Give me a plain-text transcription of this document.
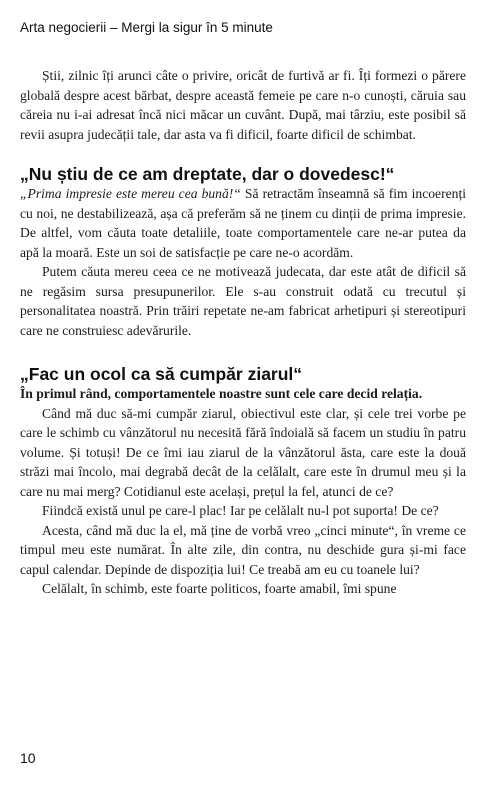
Arta negocierii – Mergi la sigur în 5 minute

Știi, zilnic îți arunci câte o privire, oricât de furtivă ar fi. Îți formezi o părere globală despre acest bărbat, despre această femeie pe care n-o cunoști, căruia sau căreia nu i-ai adresat încă nici măcar un cuvânt. După, mai târziu, este posibil să revii asupra judecății tale, dar asta va fi dificil, foarte dificil de schimbat.

„Nu știu de ce am dreptate, dar o dovedesc!“

„Prima impresie este mereu cea bună!“ Să retractăm înseamnă să fim incoerenți cu noi, ne destabilizează, așa că preferăm să ne ținem cu dinții de prima impresie. De altfel, vom căuta toate detaliile, toate comportamentele care ne-ar putea da apă la moară. Este un soi de satisfacție pe care ne-o acordăm.

Putem căuta mereu ceea ce ne motivează judecata, dar este atât de dificil să ne regăsim sursa presupunerilor. Ele s-au construit odată cu trecutul și personalitatea noastră. Prin trăiri repetate ne-am fabricat arhetipuri și stereotipuri care ne construiesc adevărurile.

„Fac un ocol ca să cumpăr ziarul“

În primul rând, comportamentele noastre sunt cele care decid relația.

Când mă duc să-mi cumpăr ziarul, obiectivul este clar, și cele trei vorbe pe care le schimb cu vânzătorul nu necesită fără îndoială să facem un studiu în patru volume. Și totuși! De ce îmi iau ziarul de la vânzătorul ăsta, care este la două străzi mai încolo, mai degrabă decât de la celălalt, care este în drumul meu și la care nu mai merg? Cotidianul este același, prețul la fel, atunci de ce?

Fiindcă există unul pe care-l plac! Iar pe celălalt nu-l pot suporta! De ce?

Acesta, când mă duc la el, mă ține de vorbă vreo „cinci minute“, în vreme ce timpul meu este numărat. În alte zile, din contra, nu deschide gura și-mi face capul calendar. Depinde de dispoziția lui! Ce treabă am eu cu toanele lui?

Celălalt, în schimb, este foarte politicos, foarte amabil, îmi spune

10
